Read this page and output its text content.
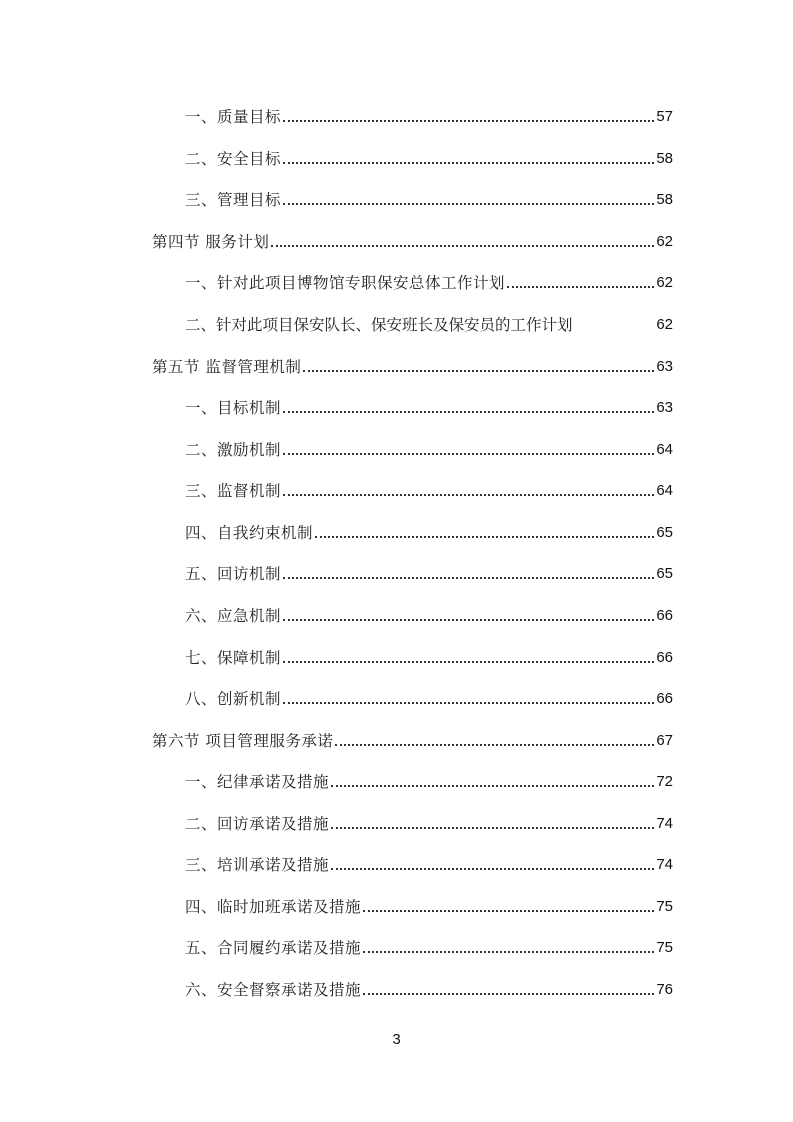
一、质量目标	57
二、安全目标	58
三、管理目标	58
第四节 服务计划	62
一、针对此项目博物馆专职保安总体工作计划	62
二、针对此项目保安队长、保安班长及保安员的工作计划	62
第五节 监督管理机制	63
一、目标机制	63
二、激励机制	64
三、监督机制	64
四、自我约束机制	65
五、回访机制	65
六、应急机制	66
七、保障机制	66
八、创新机制	66
第六节 项目管理服务承诺	67
一、纪律承诺及措施	72
二、回访承诺及措施	74
三、培训承诺及措施	74
四、临时加班承诺及措施	75
五、合同履约承诺及措施	75
六、安全督察承诺及措施	76
3
